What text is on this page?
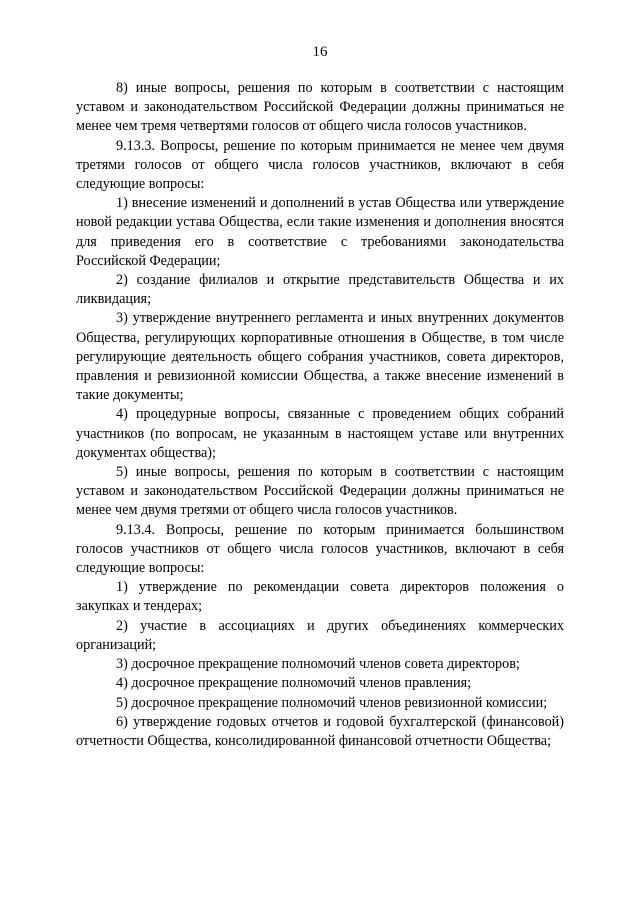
16

8) иные вопросы, решения по которым в соответствии с настоящим уставом и законодательством Российской Федерации должны приниматься не менее чем тремя четвертями голосов от общего числа голосов участников.

9.13.3. Вопросы, решение по которым принимается не менее чем двумя третями голосов от общего числа голосов участников, включают в себя следующие вопросы:

1) внесение изменений и дополнений в устав Общества или утверждение новой редакции устава Общества, если такие изменения и дополнения вносятся для приведения его в соответствие с требованиями законодательства Российской Федерации;

2) создание филиалов и открытие представительств Общества и их ликвидация;

3) утверждение внутреннего регламента и иных внутренних документов Общества, регулирующих корпоративные отношения в Обществе, в том числе регулирующие деятельность общего собрания участников, совета директоров, правления и ревизионной комиссии Общества, а также внесение изменений в такие документы;

4) процедурные вопросы, связанные с проведением общих собраний участников (по вопросам, не указанным в настоящем уставе или внутренних документах общества);

5) иные вопросы, решения по которым в соответствии с настоящим уставом и законодательством Российской Федерации должны приниматься не менее чем двумя третями от общего числа голосов участников.

9.13.4. Вопросы, решение по которым принимается большинством голосов участников от общего числа голосов участников, включают в себя следующие вопросы:

1) утверждение по рекомендации совета директоров положения о закупках и тендерах;

2) участие в ассоциациях и других объединениях коммерческих организаций;

3) досрочное прекращение полномочий членов совета директоров;

4) досрочное прекращение полномочий членов правления;

5) досрочное прекращение полномочий членов ревизионной комиссии;

6) утверждение годовых отчетов и годовой бухгалтерской (финансовой) отчетности Общества, консолидированной финансовой отчетности Общества;
